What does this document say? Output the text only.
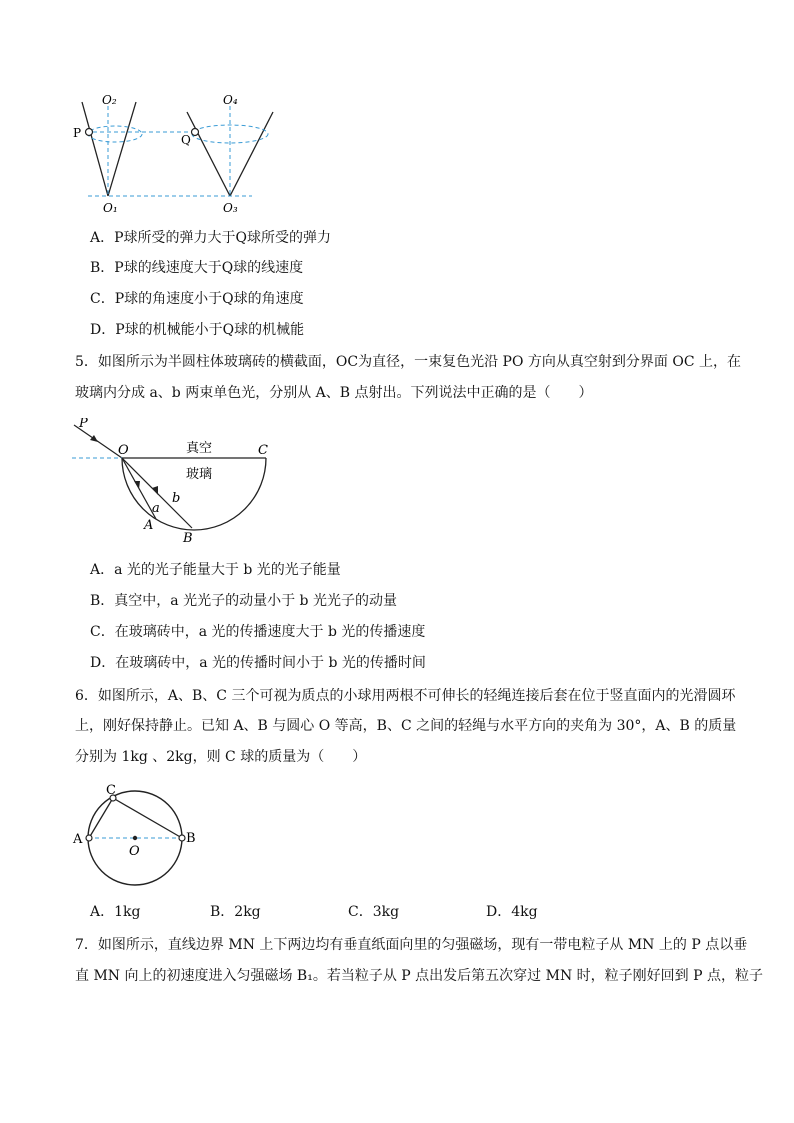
O₂	O₄
O₁	O₃
P	Q
A．P球所受的弹力大于Q球所受的弹力
B．P球的线速度大于Q球的线速度
C．P球的角速度小于Q球的角速度
D．P球的机械能小于Q球的机械能
5．如图所示为半圆柱体玻璃砖的横截面，OC为直径，一束复色光沿 PO 方向从真空射到分界面 OC 上，在
玻璃内分成 a、b 两束单色光，分别从 A、B 点射出。下列说法中正确的是（　　）
P
O	C
真空
玻璃
b
a
A
B
A．a 光的光子能量大于 b 光的光子能量
B．真空中，a 光光子的动量小于 b 光光子的动量
C．在玻璃砖中，a 光的传播速度大于 b 光的传播速度
D．在玻璃砖中，a 光的传播时间小于 b 光的传播时间
6．如图所示，A、B、C 三个可视为质点的小球用两根不可伸长的轻绳连接后套在位于竖直面内的光滑圆环
上，刚好保持静止。已知 A、B 与圆心 O 等高，B、C 之间的轻绳与水平方向的夹角为 30°，A、B 的质量
分别为 1kg 、2kg，则 C 球的质量为（　　）
A	B
C
O
A．1kg	B．2kg	C．3kg	D．4kg
7．如图所示，直线边界 MN 上下两边均有垂直纸面向里的匀强磁场，现有一带电粒子从 MN 上的 P 点以垂
直 MN 向上的初速度进入匀强磁场 B₁。若当粒子从 P 点出发后第五次穿过 MN 时，粒子刚好回到 P 点，粒子
